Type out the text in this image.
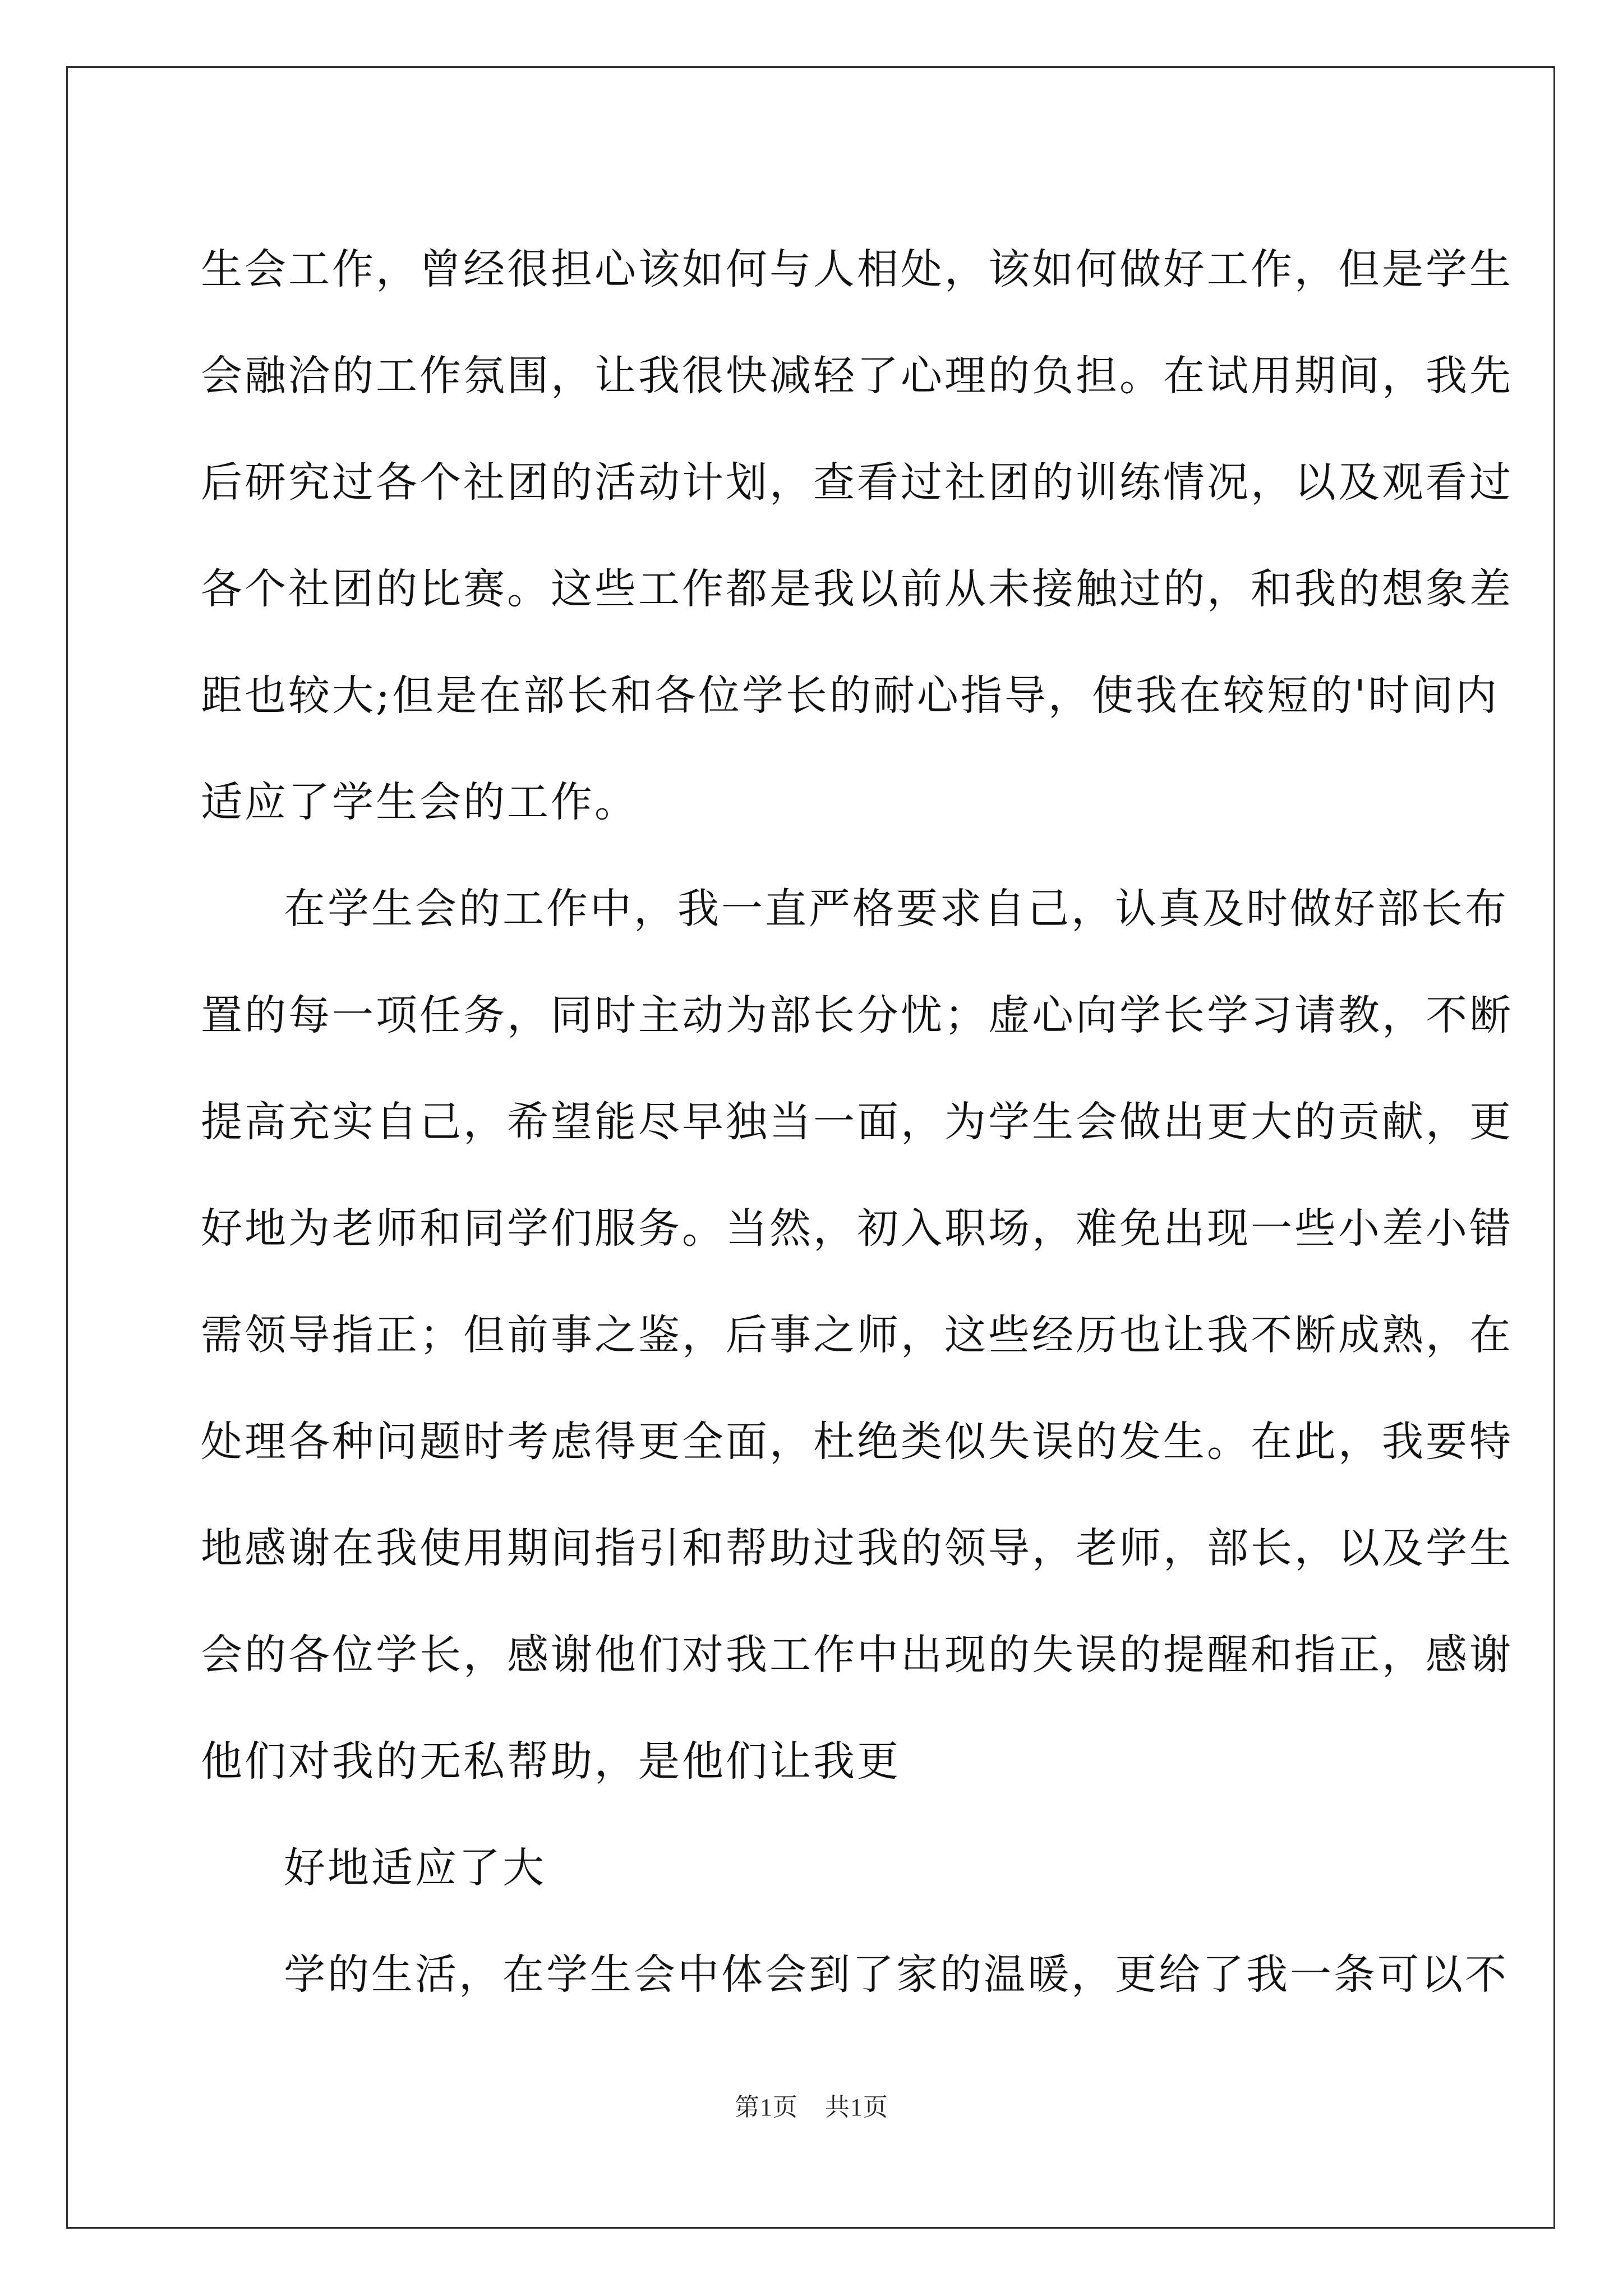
生会工作，曾经很担心该如何与人相处，该如何做好工作，但是学生
会融洽的工作氛围，让我很快减轻了心理的负担。在试用期间，我先
后研究过各个社团的活动计划，查看过社团的训练情况，以及观看过
各个社团的比赛。这些工作都是我以前从未接触过的，和我的想象差
距也较大;但是在部长和各位学长的耐心指导，使我在较短的'时间内
适应了学生会的工作。
在学生会的工作中，我一直严格要求自己，认真及时做好部长布
置的每一项任务，同时主动为部长分忧；虚心向学长学习请教，不断
提高充实自己，希望能尽早独当一面，为学生会做出更大的贡献，更
好地为老师和同学们服务。当然，初入职场，难免出现一些小差小错
需领导指正；但前事之鉴，后事之师，这些经历也让我不断成熟，在
处理各种问题时考虑得更全面，杜绝类似失误的发生。在此，我要特
地感谢在我使用期间指引和帮助过我的领导，老师，部长，以及学生
会的各位学长，感谢他们对我工作中出现的失误的提醒和指正，感谢
他们对我的无私帮助，是他们让我更
好地适应了大
学的生活，在学生会中体会到了家的温暖，更给了我一条可以不
第1页 共1页
